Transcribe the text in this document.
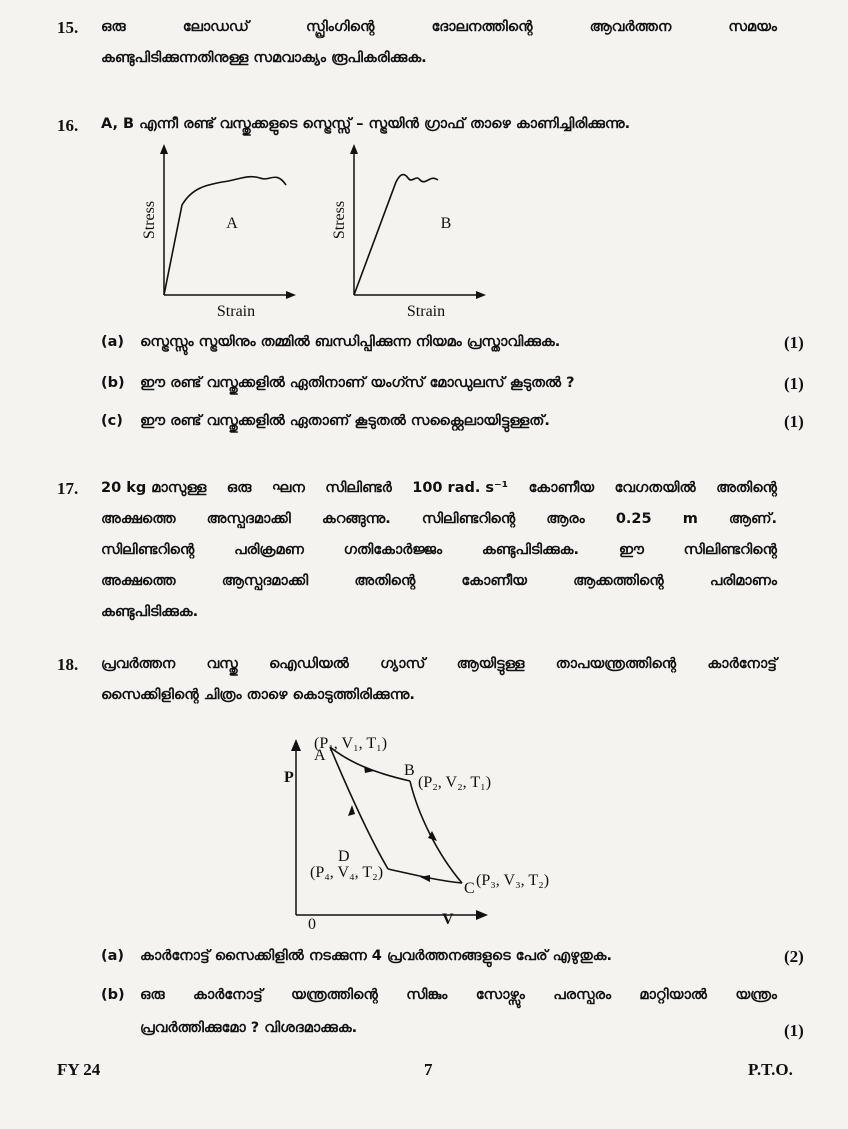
15. ഒരു	ലോഡഡ്	സ്പ്രിംഗിന്റെ	ദോലനത്തിന്റെ	ആവർത്തന	സമയം
കണ്ടുപിടിക്കുന്നതിനുള്ള സമവാക്യം രൂപികരിക്കുക.
16. A, B എന്നീ രണ്ട് വസ്തുക്കളുടെ സ്ട്രെസ്സ് – സ്ട്രയിൻ ഗ്രാഫ് താഴെ കാണിച്ചിരിക്കുന്നു.
Stress
Strain
A	Stress
Strain
B
(a) സ്ട്രെസ്സും സ്ട്രയിനും തമ്മിൽ ബന്ധിപ്പിക്കുന്ന നിയമം പ്രസ്താവിക്കുക.	(1)
(b) ഈ രണ്ട് വസ്തുക്കളിൽ ഏതിനാണ് യംഗ്സ് മോഡുലസ് കൂടുതൽ ?	(1)
(c) ഈ രണ്ട് വസ്തുക്കളിൽ ഏതാണ് കൂടുതൽ സക്റ്റൈലായിട്ടുള്ളത്.	(1)
17. 20 kg മാസുള്ള ഒരു ഘന സിലിണ്ടർ 100 rad. s⁻¹ കോണീയ വേഗതയിൽ അതിന്റെ
അക്ഷത്തെ അസ്പദമാക്കി കറങ്ങുന്നു. സിലിണ്ടറിന്റെ ആരം 0.25 m ആണ്.
സിലിണ്ടറിന്റെ	പരിക്രമണ	ഗതികോർജ്ജം	കണ്ടുപിടിക്കുക.	ഈ	സിലിണ്ടറിന്റെ
അക്ഷത്തെ	ആസ്പദമാക്കി	അതിന്റെ	കോണീയ	ആക്കത്തിന്റെ	പരിമാണം
കണ്ടുപിടിക്കുക.
18. പ്രവർത്തന വസ്തു ഐഡിയൽ ഗ്യാസ് ആയിട്ടുള്ള താപയന്ത്രത്തിന്റെ കാർനോട്ട്
സൈക്കിളിന്റെ ചിത്രം താഴെ കൊടുത്തിരിക്കുന്നു.
P
V
A
B
C
D
(P₁, V₁, T₁)
(P₂, V₂, T₁)
(P₃, V₃, T₂)
(P₄, V₄, T₂)
0
(a) കാർനോട്ട് സൈക്കിളിൽ നടക്കുന്ന 4 പ്രവർത്തനങ്ങളുടെ പേര് എഴുതുക.	(2)
(b) ഒരു കാർനോട്ട് യന്ത്രത്തിന്റെ സിങ്കും സോഴ്സും പരസ്പരം മാറ്റിയാൽ യന്ത്രം
പ്രവർത്തിക്കുമോ ? വിശദമാക്കുക.	(1)
FY 24	7	P.T.O.
